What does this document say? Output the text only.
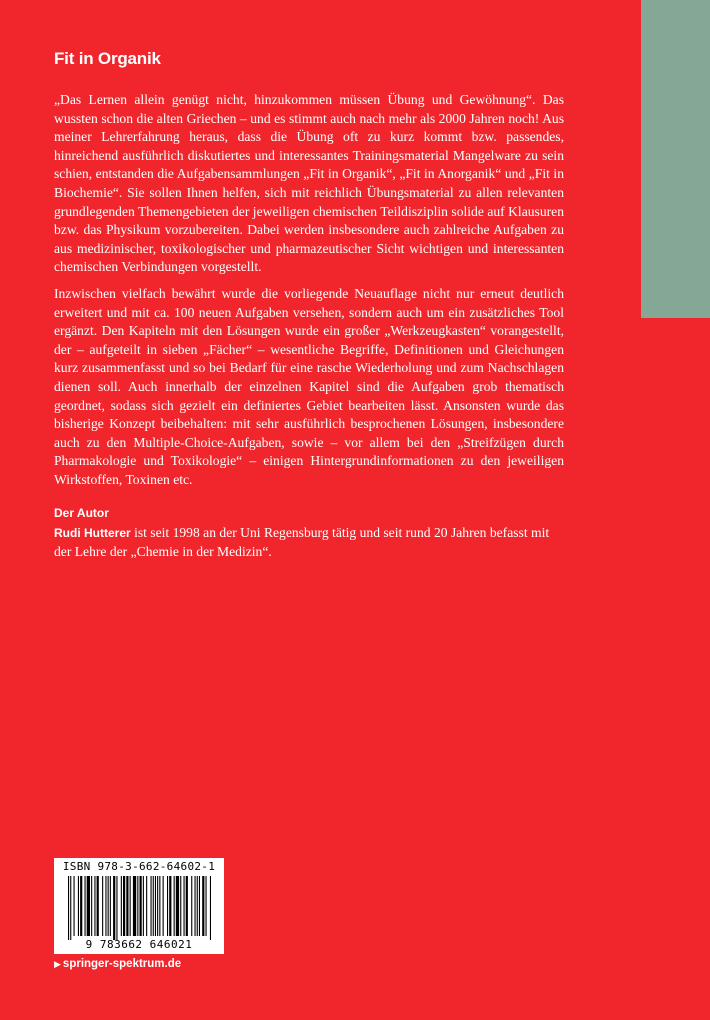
Fit in Organik

„Das Lernen allein genügt nicht, hinzukommen müssen Übung und Gewöhnung“. Das wussten schon die alten Griechen – und es stimmt auch nach mehr als 2000 Jahren noch! Aus meiner Lehrerfahrung heraus, dass die Übung oft zu kurz kommt bzw. passendes, hinreichend ausführlich diskutiertes und interessantes Trainingsmaterial Mangelware zu sein schien, entstanden die Aufgabensammlungen „Fit in Organik“, „Fit in Anorganik“ und „Fit in Biochemie“. Sie sollen Ihnen helfen, sich mit reichlich Übungsmaterial zu allen relevanten grundlegenden Themengebieten der jeweiligen chemischen Teildisziplin solide auf Klausuren bzw. das Physikum vorzubereiten. Dabei werden insbesondere auch zahlreiche Aufgaben zu aus medizinischer, toxikologischer und pharmazeutischer Sicht wichtigen und interessanten chemischen Verbindungen vorgestellt.

Inzwischen vielfach bewährt wurde die vorliegende Neuauflage nicht nur erneut deutlich erweitert und mit ca. 100 neuen Aufgaben versehen, sondern auch um ein zusätzliches Tool ergänzt. Den Kapiteln mit den Lösungen wurde ein großer „Werkzeugkasten“ vorangestellt, der – aufgeteilt in sieben „Fächer“ – wesentliche Begriffe, Definitionen und Gleichungen kurz zusammenfasst und so bei Bedarf für eine rasche Wiederholung und zum Nachschlagen dienen soll. Auch innerhalb der einzelnen Kapitel sind die Aufgaben grob thematisch geordnet, sodass sich gezielt ein definiertes Gebiet bearbeiten lässt. Ansonsten wurde das bisherige Konzept beibehalten: mit sehr ausführlich besprochenen Lösungen, insbesondere auch zu den Multiple-Choice-Aufgaben, sowie – vor allem bei den „Streifzügen durch Pharmakologie und Toxikologie“ – einigen Hintergrundinformationen zu den jeweiligen Wirkstoffen, Toxinen etc.

Der Autor

Rudi Hutterer ist seit 1998 an der Uni Regensburg tätig und seit rund 20 Jahren befasst mit der Lehre der „Chemie in der Medizin“.

ISBN 978-3-662-64602-1
9 783662 646021
▶ springer-spektrum.de
